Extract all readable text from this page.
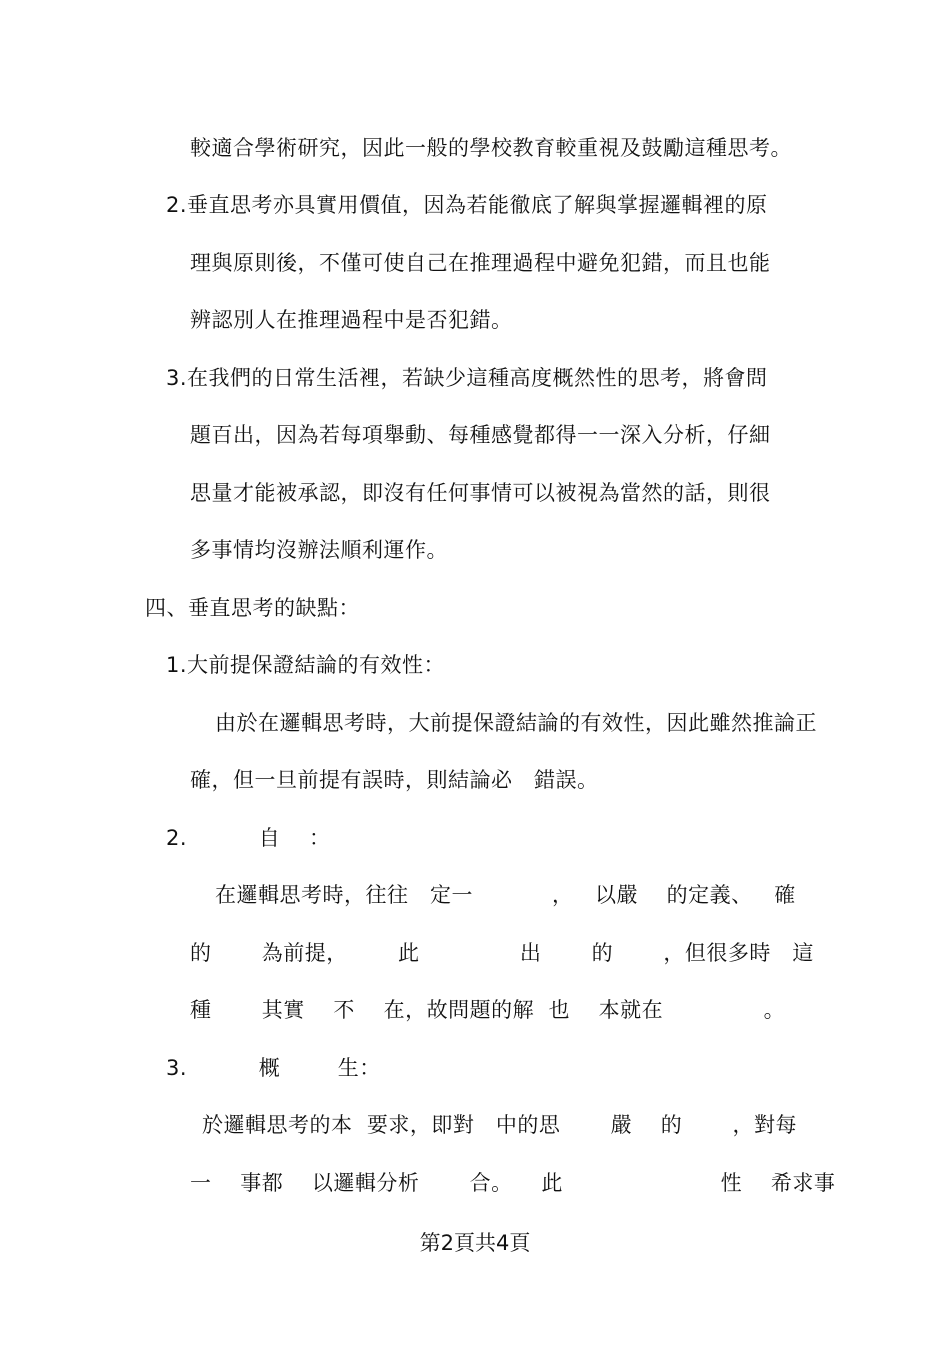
較適合學術研究，因此一般的學校教育較重視及鼓勵這種思考。
2.垂直思考亦具實用價值，因為若能徹底了解與掌握邏輯裡的原
理與原則後，不僅可使自己在推理過程中避免犯錯，而且也能
辨認別人在推理過程中是否犯錯。
3.在我們的日常生活裡，若缺少這種高度概然性的思考，將會問
題百出，因為若每項舉動、每種感覺都得一一深入分析，仔細
思量才能被承認，即沒有任何事情可以被視為當然的話，則很
多事情均沒辦法順利運作。
四、垂直思考的缺點：
1.大前提保證結論的有效性：
由於在邏輯思考時，大前提保證結論的有效性，因此雖然推論正
確，但一旦前提有誤時，則結論必   錯誤。
2.          自    ：
在邏輯思考時，往往   定一           ，   以嚴    的定義、   確
的       為前提，       此              出       的       ，但很多時   這
種       其實    不    在，故問題的解  也    本就在              。
3.          概        生：
於邏輯思考的本  要求，即對   中的思       嚴    的       ，對每
一    事都    以邏輯分析       合。    此                      性    希求事
第2頁共4頁
